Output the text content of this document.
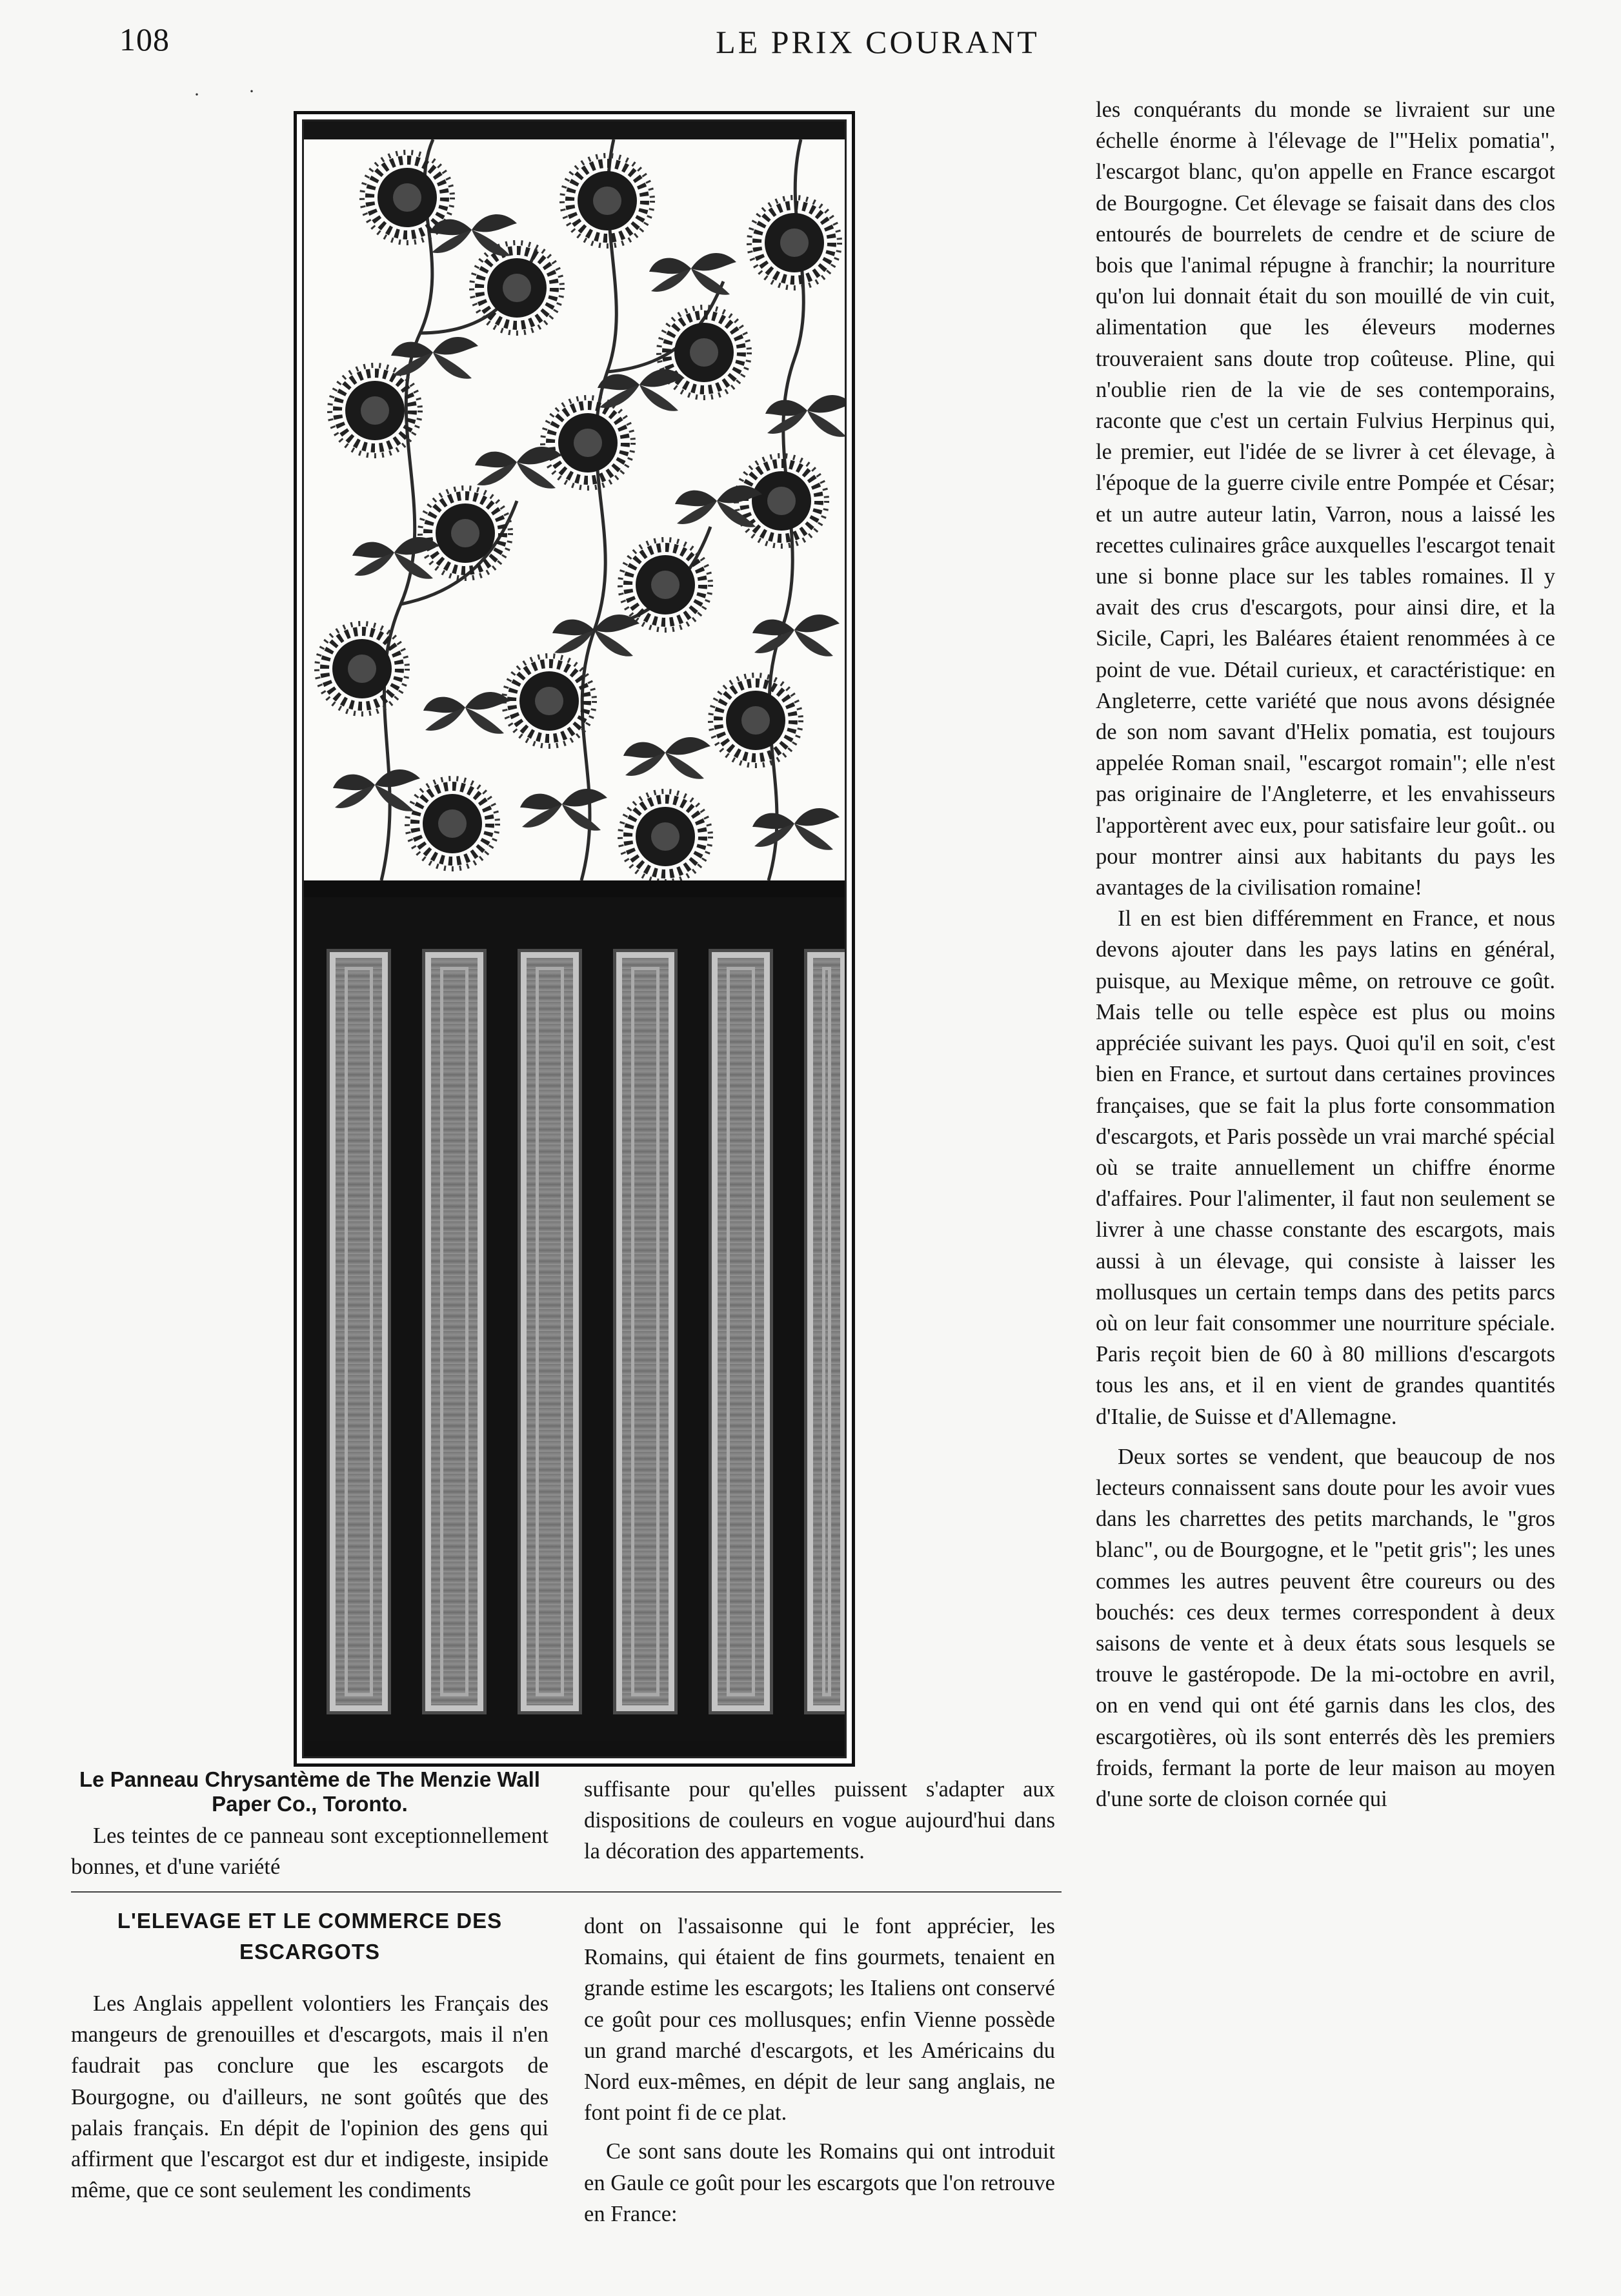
108	LE PRIX COURANT
·	·
Le Panneau Chrysantème de The Menzie Wall Paper Co., Toronto.

Les teintes de ce panneau sont exceptionnellement bonnes, et d'une variété

suffisante pour qu'elles puissent s'adapter aux dispositions de couleurs en vogue aujourd'hui dans la décoration des appartements.

L'ELEVAGE ET LE COMMERCE DES ESCARGOTS

Les Anglais appellent volontiers les Français des mangeurs de grenouilles et d'escargots, mais il n'en faudrait pas conclure que les escargots de Bourgogne, ou d'ailleurs, ne sont goûtés que des palais français. En dépit de l'opinion des gens qui affirment que l'escargot est dur et indigeste, insipide même, que ce sont seulement les condiments

dont on l'assaisonne qui le font apprécier, les Romains, qui étaient de fins gourmets, tenaient en grande estime les escargots; les Italiens ont conservé ce goût pour ces mollusques; enfin Vienne possède un grand marché d'escargots, et les Américains du Nord eux-mêmes, en dépit de leur sang anglais, ne font point fi de ce plat.

Ce sont sans doute les Romains qui ont introduit en Gaule ce goût pour les escargots que l'on retrouve en France:

les conquérants du monde se livraient sur une échelle énorme à l'élevage de l'"Helix pomatia", l'escargot blanc, qu'on appelle en France escargot de Bourgogne. Cet élevage se faisait dans des clos entourés de bourrelets de cendre et de sciure de bois que l'animal répugne à franchir; la nourriture qu'on lui donnait était du son mouillé de vin cuit, alimentation que les éleveurs modernes trouveraient sans doute trop coûteuse. Pline, qui n'oublie rien de la vie de ses contemporains, raconte que c'est un certain Fulvius Herpinus qui, le premier, eut l'idée de se livrer à cet élevage, à l'époque de la guerre civile entre Pompée et César; et un autre auteur latin, Varron, nous a laissé les recettes culinaires grâce auxquelles l'escargot tenait une si bonne place sur les tables romaines. Il y avait des crus d'escargots, pour ainsi dire, et la Sicile, Capri, les Baléares étaient renommées à ce point de vue. Détail curieux, et caractéristique: en Angleterre, cette variété que nous avons désignée de son nom savant d'Helix pomatia, est toujours appelée Roman snail, "escargot romain"; elle n'est pas originaire de l'Angleterre, et les envahisseurs l'apportèrent avec eux, pour satisfaire leur goût.. ou pour montrer ainsi aux habitants du pays les avantages de la civilisation romaine!

Il en est bien différemment en France, et nous devons ajouter dans les pays latins en général, puisque, au Mexique même, on retrouve ce goût. Mais telle ou telle espèce est plus ou moins appréciée suivant les pays. Quoi qu'il en soit, c'est bien en France, et surtout dans certaines provinces françaises, que se fait la plus forte consommation d'escargots, et Paris possède un vrai marché spécial où se traite annuellement un chiffre énorme d'affaires. Pour l'alimenter, il faut non seulement se livrer à une chasse constante des escargots, mais aussi à un élevage, qui consiste à laisser les mollusques un certain temps dans des petits parcs où on leur fait consommer une nourriture spéciale. Paris reçoit bien de 60 à 80 millions d'escargots tous les ans, et il en vient de grandes quantités d'Italie, de Suisse et d'Allemagne.

Deux sortes se vendent, que beaucoup de nos lecteurs connaissent sans doute pour les avoir vues dans les charrettes des petits marchands, le "gros blanc", ou de Bourgogne, et le "petit gris"; les unes commes les autres peuvent être coureurs ou des bouchés: ces deux termes correspondent à deux saisons de vente et à deux états sous lesquels se trouve le gastéropode. De la mi-octobre en avril, on en vend qui ont été garnis dans les clos, des escargotières, où ils sont enterrés dès les premiers froids, fermant la porte de leur maison au moyen d'une sorte de cloison cornée qui
